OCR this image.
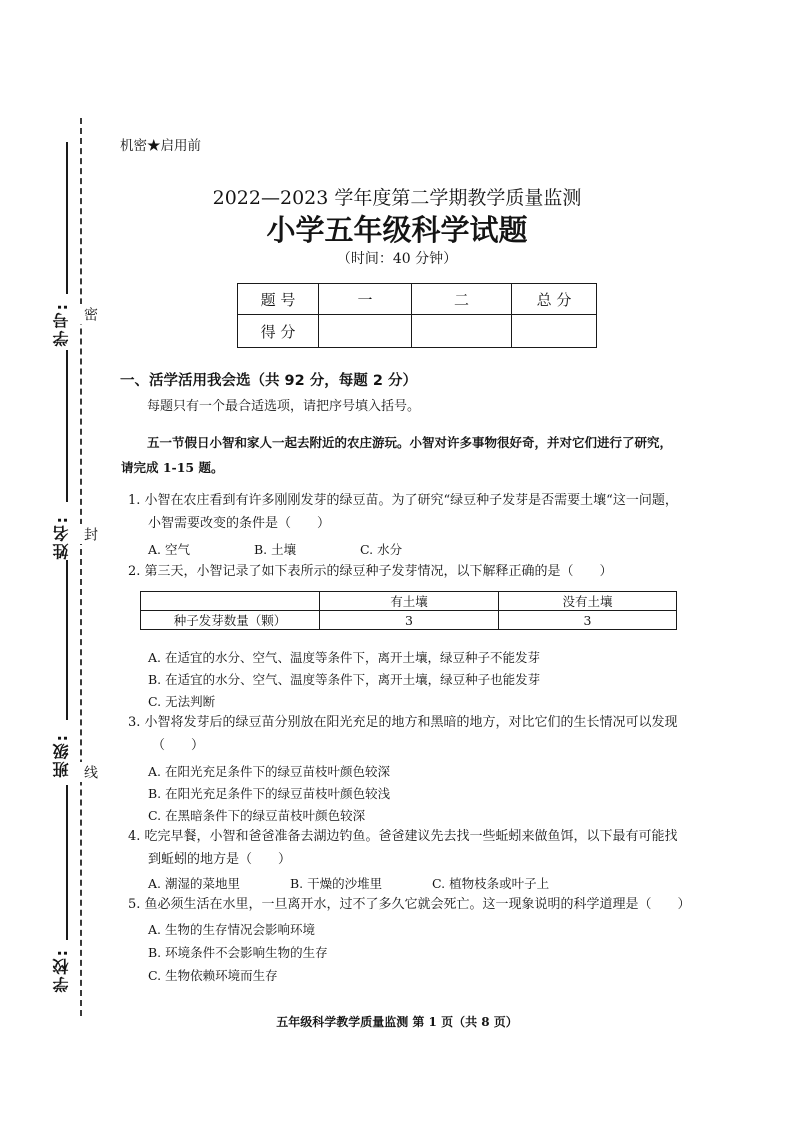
学号:
姓名:
班级:
学校:
密
封
线
机密★启用前
2022—2023 学年度第二学期教学质量监测
小学五年级科学试题
（时间：40 分钟）
题 号	一	二	总 分
得 分			
一、活学活用我会选（共 92 分，每题 2 分）
每题只有一个最合适选项，请把序号填入括号。
五一节假日小智和家人一起去附近的农庄游玩。小智对许多事物很好奇，并对它们进行了研究，
请完成 1-15 题。
1. 小智在农庄看到有许多刚刚发芽的绿豆苗。为了研究“绿豆种子发芽是否需要土壤“这一问题，
小智需要改变的条件是（　　）
A. 空气	B. 土壤	C. 水分
2. 第三天，小智记录了如下表所示的绿豆种子发芽情况，以下解释正确的是（　　）
	有土壤	没有土壤
种子发芽数量（颗）	3	3
A. 在适宜的水分、空气、温度等条件下，离开土壤，绿豆种子不能发芽
B. 在适宜的水分、空气、温度等条件下，离开土壤，绿豆种子也能发芽
C. 无法判断
3. 小智将发芽后的绿豆苗分别放在阳光充足的地方和黑暗的地方，对比它们的生长情况可以发现
（　　）
A. 在阳光充足条件下的绿豆苗枝叶颜色较深
B. 在阳光充足条件下的绿豆苗枝叶颜色较浅
C. 在黑暗条件下的绿豆苗枝叶颜色较深
4. 吃完早餐，小智和爸爸准备去湖边钓鱼。爸爸建议先去找一些蚯蚓来做鱼饵，以下最有可能找
到蚯蚓的地方是（　　）
A. 潮湿的菜地里	B. 干燥的沙堆里	C. 植物枝条或叶子上
5. 鱼必须生活在水里，一旦离开水，过不了多久它就会死亡。这一现象说明的科学道理是（　　）
A. 生物的生存情况会影响环境
B. 环境条件不会影响生物的生存
C. 生物依赖环境而生存
五年级科学教学质量监测 第 1 页（共 8 页）
